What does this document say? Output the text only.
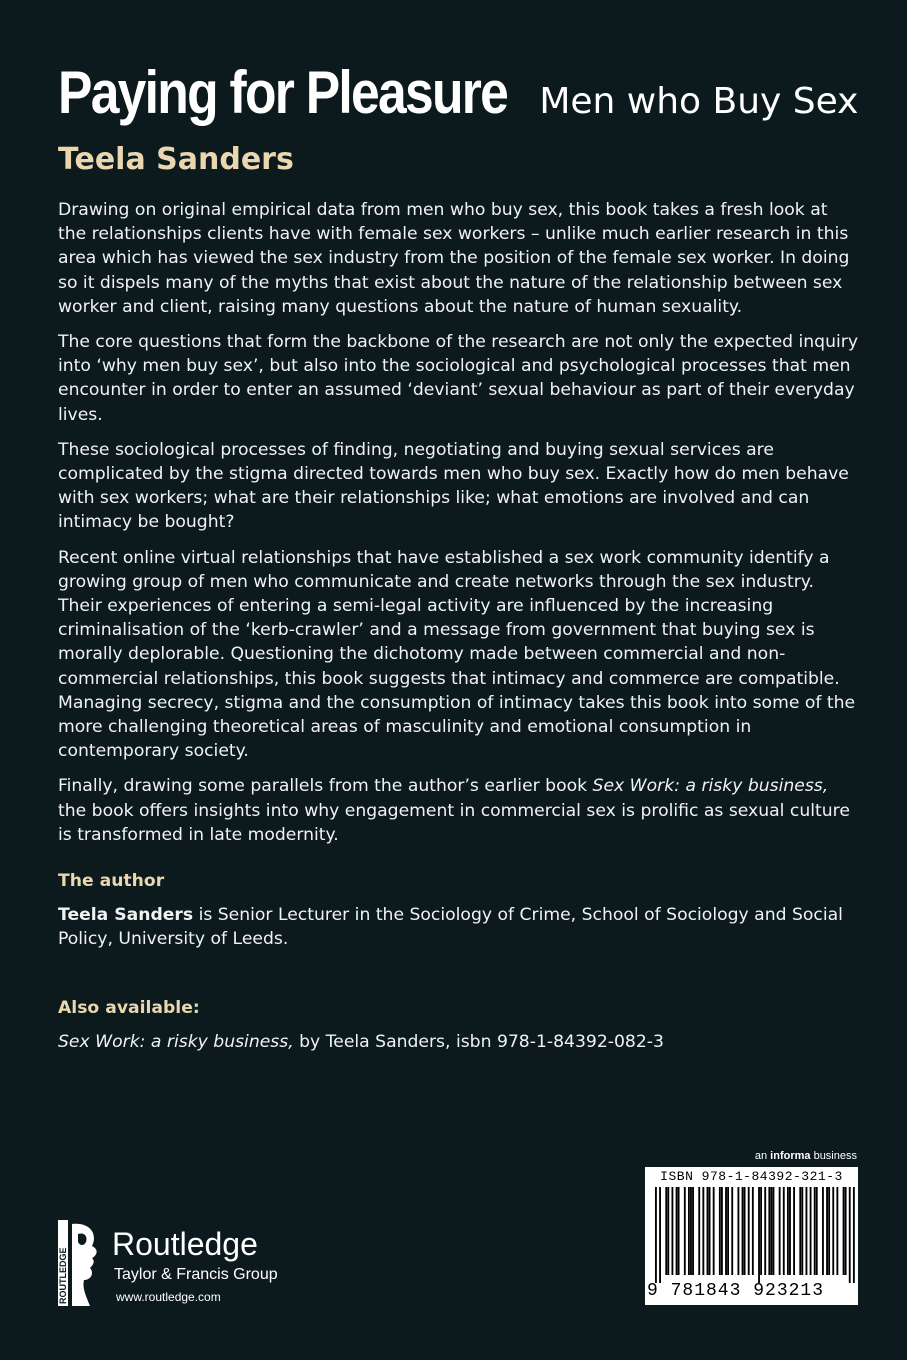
Paying for Pleasure Men who Buy Sex
Teela Sanders

Drawing on original empirical data from men who buy sex, this book takes a fresh look at the relationships clients have with female sex workers – unlike much earlier research in this area which has viewed the sex industry from the position of the female sex worker. In doing so it dispels many of the myths that exist about the nature of the relationship between sex worker and client, raising many questions about the nature of human sexuality.

The core questions that form the backbone of the research are not only the expected inquiry into ‘why men buy sex’, but also into the sociological and psychological processes that men encounter in order to enter an assumed ‘deviant’ sexual behaviour as part of their everyday lives.

These sociological processes of finding, negotiating and buying sexual services are complicated by the stigma directed towards men who buy sex. Exactly how do men behave with sex workers; what are their relationships like; what emotions are involved and can intimacy be bought?

Recent online virtual relationships that have established a sex work community identify a growing group of men who communicate and create networks through the sex industry. Their experiences of entering a semi-legal activity are influenced by the increasing criminalisation of the ‘kerb-crawler’ and a message from government that buying sex is morally deplorable. Questioning the dichotomy made between commercial and non-commercial relationships, this book suggests that intimacy and commerce are compatible. Managing secrecy, stigma and the consumption of intimacy takes this book into some of the more challenging theoretical areas of masculinity and emotional consumption in contemporary society.

Finally, drawing some parallels from the author’s earlier book Sex Work: a risky business, the book offers insights into why engagement in commercial sex is prolific as sexual culture is transformed in late modernity.

The author

Teela Sanders is Senior Lecturer in the Sociology of Crime, School of Sociology and Social Policy, University of Leeds.

Also available:

Sex Work: a risky business, by Teela Sanders, isbn 978-1-84392-082-3

ROUTLEDGE
Routledge
Taylor & Francis Group
www.routledge.com
an informa business
ISBN 978-1-84392-321-3
9 781843 923213
